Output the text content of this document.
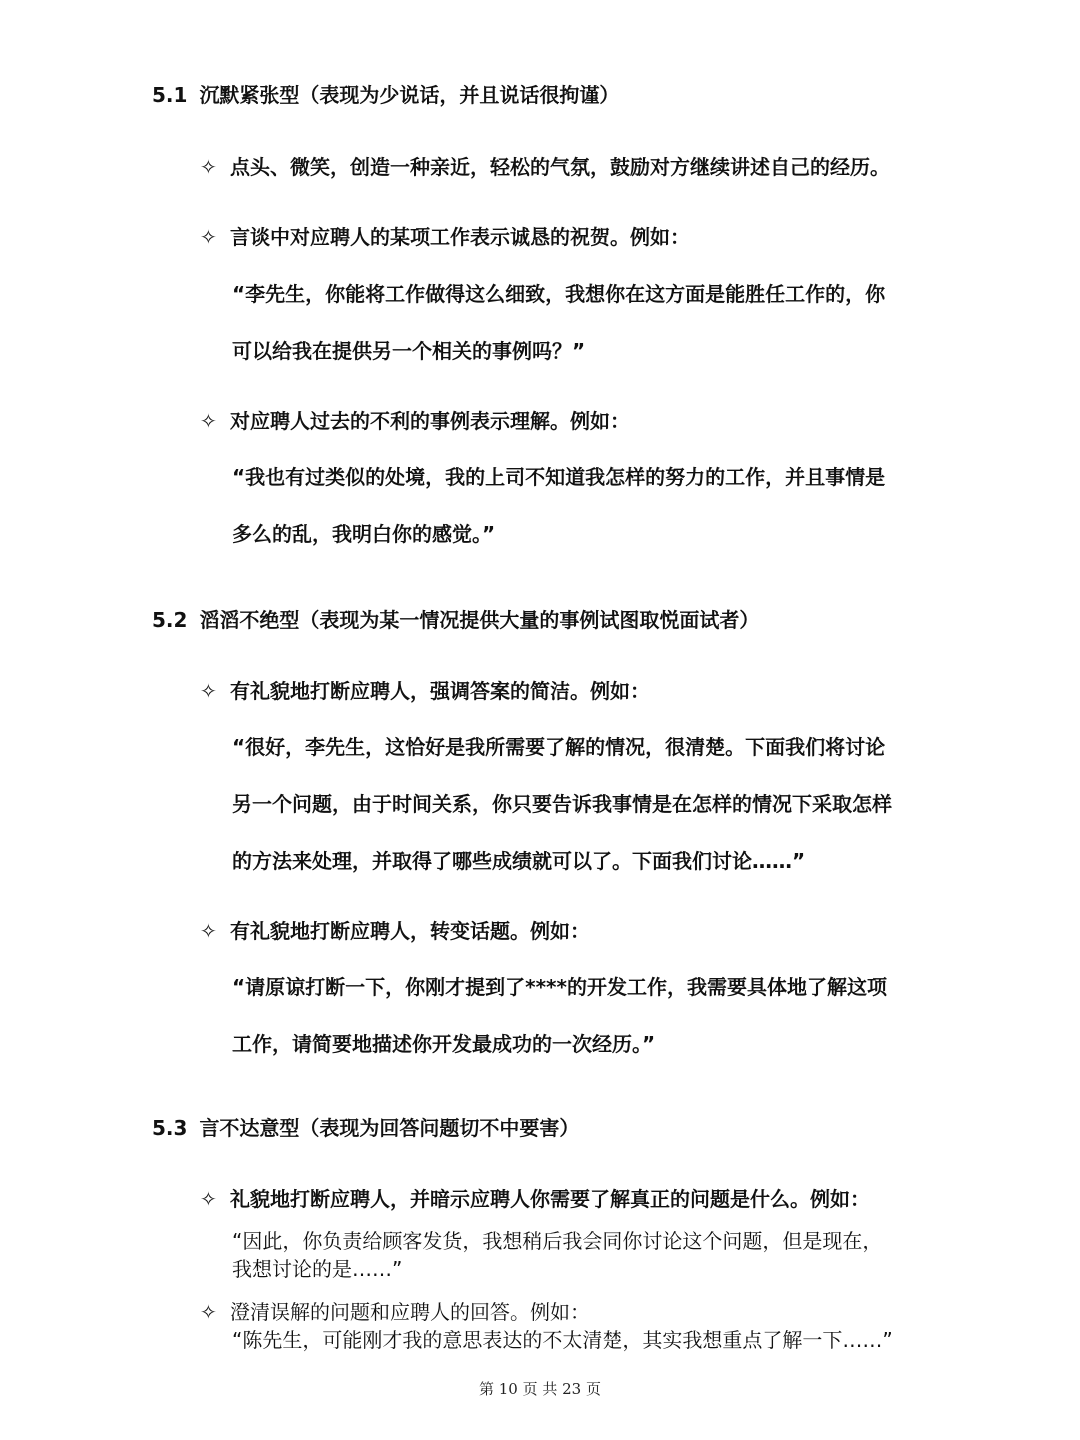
5.1 沉默紧张型（表现为少说话，并且说话很拘谨）
✧ 点头、微笑，创造一种亲近，轻松的气氛，鼓励对方继续讲述自己的经历。
✧ 言谈中对应聘人的某项工作表示诚恳的祝贺。例如：
“李先生，你能将工作做得这么细致，我想你在这方面是能胜任工作的，你
可以给我在提供另一个相关的事例吗？”
✧ 对应聘人过去的不利的事例表示理解。例如：
“我也有过类似的处境，我的上司不知道我怎样的努力的工作，并且事情是
多么的乱，我明白你的感觉。”
5.2 滔滔不绝型（表现为某一情况提供大量的事例试图取悦面试者）
✧ 有礼貌地打断应聘人，强调答案的简洁。例如：
“很好，李先生，这恰好是我所需要了解的情况，很清楚。下面我们将讨论
另一个问题，由于时间关系，你只要告诉我事情是在怎样的情况下采取怎样
的方法来处理，并取得了哪些成绩就可以了。下面我们讨论……”
✧ 有礼貌地打断应聘人，转变话题。例如：
“请原谅打断一下，你刚才提到了****的开发工作，我需要具体地了解这项
工作，请简要地描述你开发最成功的一次经历。”
5.3 言不达意型（表现为回答问题切不中要害）
✧ 礼貌地打断应聘人，并暗示应聘人你需要了解真正的问题是什么。例如：
“因此，你负责给顾客发货，我想稍后我会同你讨论这个问题，但是现在，
我想讨论的是……”
✧ 澄清误解的问题和应聘人的回答。例如：
“陈先生，可能刚才我的意思表达的不太清楚，其实我想重点了解一下……”
第 10 页 共 23 页
